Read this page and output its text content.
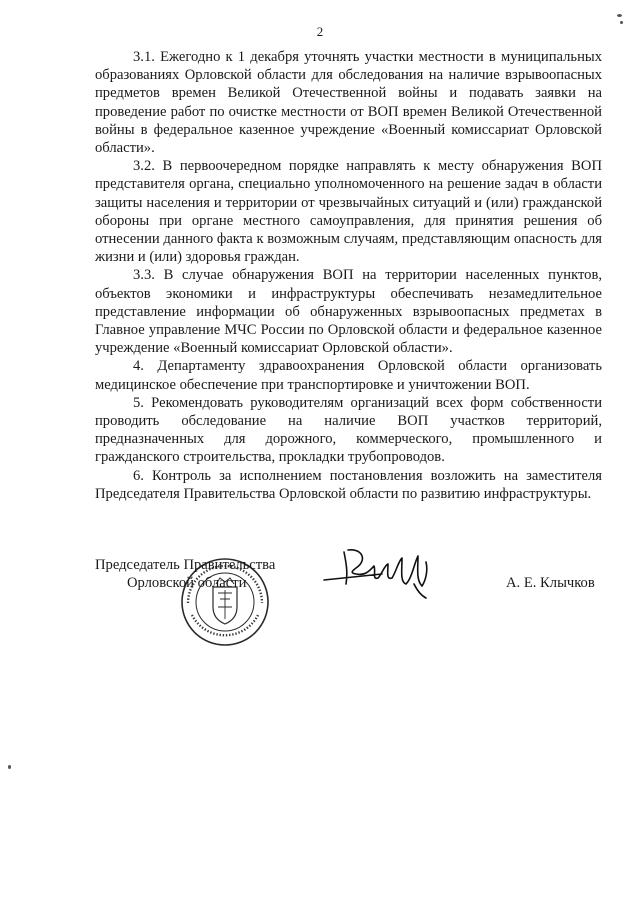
2

3.1. Ежегодно к 1 декабря уточнять участки местности в муниципальных образованиях Орловской области для обследования на наличие взрывоопасных предметов времен Великой Отечественной войны и подавать заявки на проведение работ по очистке местности от ВОП времен Великой Отечественной войны в федеральное казенное учреждение «Военный комиссариат Орловской области».

3.2. В первоочередном порядке направлять к месту обнаружения ВОП представителя органа, специально уполномоченного на решение задач в области защиты населения и территории от чрезвычайных ситуаций и (или) гражданской обороны при органе местного самоуправления, для принятия решения об отнесении данного факта к возможным случаям, представляющим опасность для жизни и (или) здоровья граждан.

3.3. В случае обнаружения ВОП на территории населенных пунктов, объектов экономики и инфраструктуры обеспечивать незамедлительное представление информации об обнаруженных взрывоопасных предметах в Главное управление МЧС России по Орловской области и федеральное казенное учреждение «Военный комиссариат Орловской области».

4. Департаменту здравоохранения Орловской области организовать медицинское обеспечение при транспортировке и уничтожении ВОП.

5. Рекомендовать руководителям организаций всех форм собственности проводить обследование на наличие ВОП участков территорий, предназначенных для дорожного, коммерческого, промышленного и гражданского строительства, прокладки трубопроводов.

6. Контроль за исполнением постановления возложить на заместителя Председателя Правительства Орловской области по развитию инфраструктуры.

Председатель Правительства
Орловской области	А. Е. Клычков
